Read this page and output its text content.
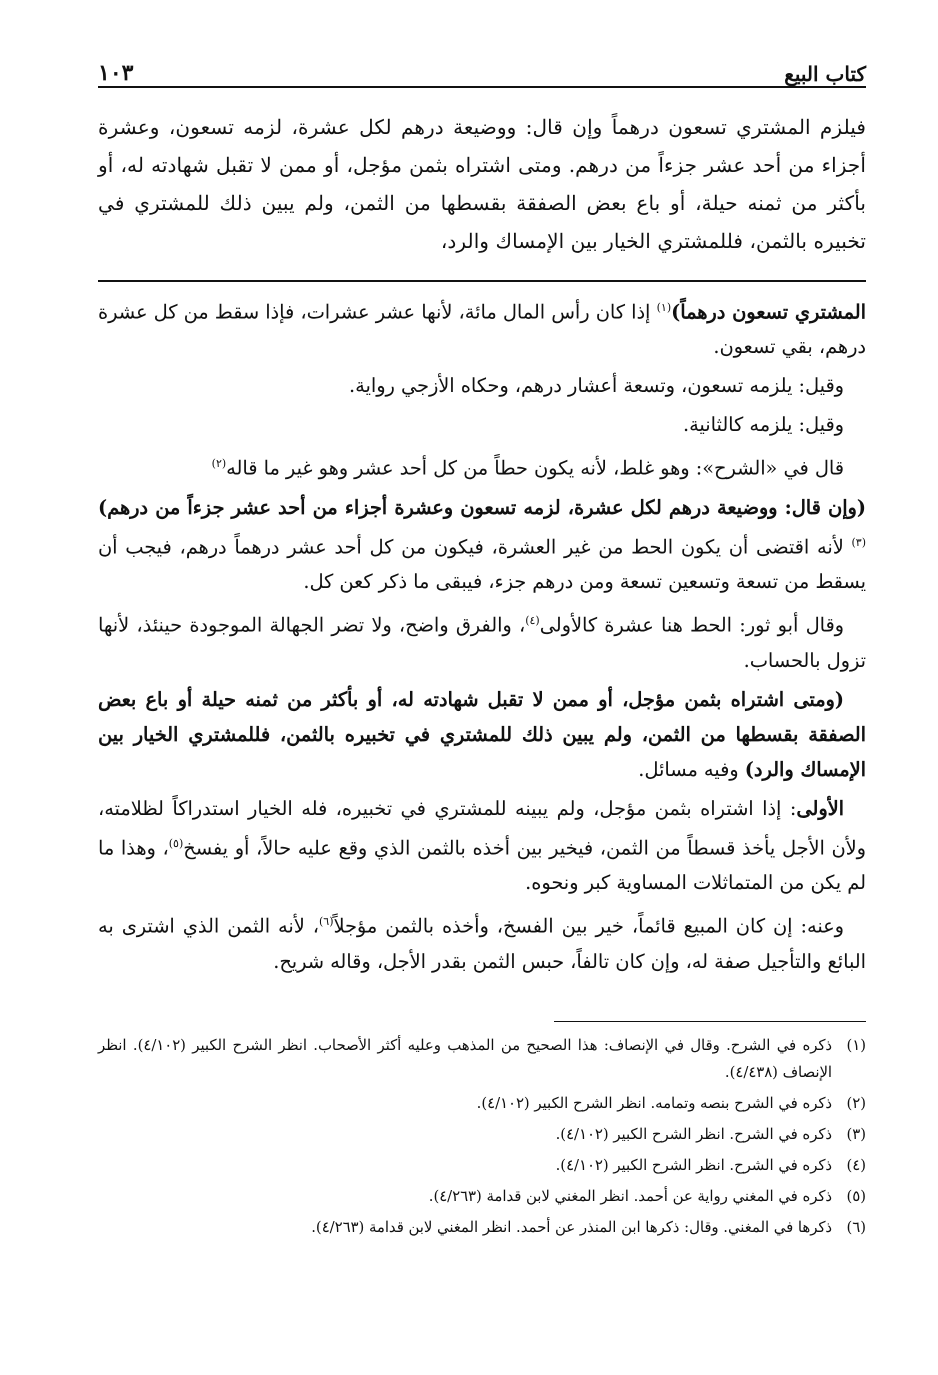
كتاب البيع
١٠٣

فيلزم المشتري تسعون درهماً وإن قال: ووضيعة درهم لكل عشرة، لزمه تسعون، وعشرة أجزاء من أحد عشر جزءاً من درهم. ومتى اشتراه بثمن مؤجل، أو ممن لا تقبل شهادته له، أو بأكثر من ثمنه حيلة، أو باع بعض الصفقة بقسطها من الثمن، ولم يبين ذلك للمشتري في تخبيره بالثمن، فللمشتري الخيار بين الإمساك والرد،

المشتري تسعون درهماً)$^{(١)}$ إذا كان رأس المال مائة، لأنها عشر عشرات، فإذا سقط من كل عشرة درهم، بقي تسعون.

وقيل: يلزمه تسعون، وتسعة أعشار درهم، وحكاه الأزجي رواية.

وقيل: يلزمه كالثانية.

قال في «الشرح»: وهو غلط، لأنه يكون حطاً من كل أحد عشر وهو غير ما قاله$^{(٢)}$

(وإن قال: ووضيعة درهم لكل عشرة، لزمه تسعون وعشرة أجزاء من أحد عشر جزءاً من درهم)$^{(٣)}$ لأنه اقتضى أن يكون الحط من غير العشرة، فيكون من كل أحد عشر درهماً درهم، فيجب أن يسقط من تسعة وتسعين تسعة ومن درهم جزء، فيبقى ما ذكر كعن كل.

وقال أبو ثور: الحط هنا عشرة كالأولى$^{(٤)}$، والفرق واضح، ولا تضر الجهالة الموجودة حينئذ، لأنها تزول بالحساب.

(ومتى اشتراه بثمن مؤجل، أو ممن لا تقبل شهادته له، أو بأكثر من ثمنه حيلة أو باع بعض الصفقة بقسطها من الثمن، ولم يبين ذلك للمشتري في تخبيره بالثمن، فللمشتري الخيار بين الإمساك والرد) وفيه مسائل.

الأولى: إذا اشتراه بثمن مؤجل، ولم يبينه للمشتري في تخبيره، فله الخيار استدراكاً لظلامته، ولأن الأجل يأخذ قسطاً من الثمن، فيخير بين أخذه بالثمن الذي وقع عليه حالاً، أو يفسخ$^{(٥)}$، وهذا ما لم يكن من المتماثلات المساوية كبر ونحوه.

وعنه: إن كان المبيع قائماً، خير بين الفسخ، وأخذه بالثمن مؤجلاً$^{(٦)}$، لأنه الثمن الذي اشترى به البائع والتأجيل صفة له، وإن كان تالفاً، حبس الثمن بقدر الأجل، وقاله شريح.

(١)
ذكره في الشرح. وقال في الإنصاف: هذا الصحيح من المذهب وعليه أكثر الأصحاب. انظر الشرح الكبير (٤/١٠٢). انظر الإنصاف (٤/٤٣٨).
(٢)
ذكره في الشرح بنصه وتمامه. انظر الشرح الكبير (٤/١٠٢).
(٣)
ذكره في الشرح. انظر الشرح الكبير (٤/١٠٢).
(٤)
ذكره في الشرح. انظر الشرح الكبير (٤/١٠٢).
(٥)
ذكره في المغني رواية عن أحمد. انظر المغني لابن قدامة (٤/٢٦٣).
(٦)
ذكرها في المغني. وقال: ذكرها ابن المنذر عن أحمد. انظر المغني لابن قدامة (٤/٢٦٣).
